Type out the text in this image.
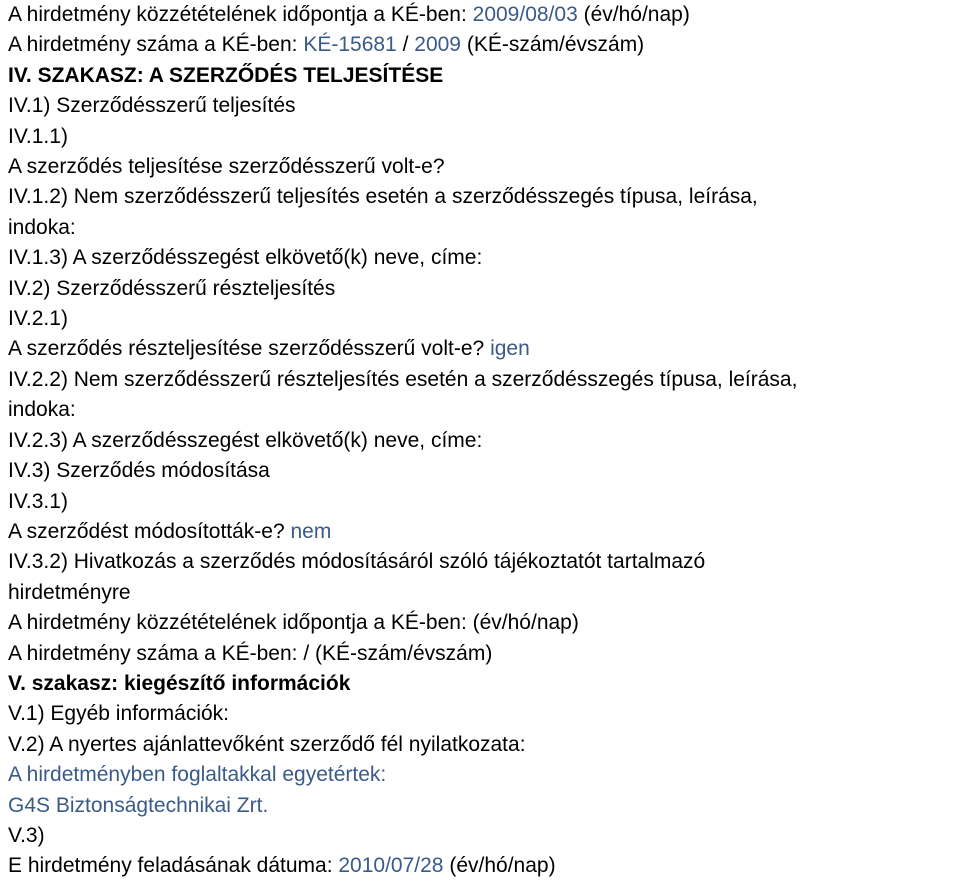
A hirdetmény közzétételének időpontja a KÉ-ben: 2009/08/03 (év/hó/nap)
A hirdetmény száma a KÉ-ben: KÉ-15681 / 2009 (KÉ-szám/évszám)
IV. SZAKASZ: A SZERZŐDÉS TELJESÍTÉSE
IV.1) Szerződésszerű teljesítés
IV.1.1)
A szerződés teljesítése szerződésszerű volt-e?
IV.1.2) Nem szerződésszerű teljesítés esetén a szerződésszegés típusa, leírása,
indoka:
IV.1.3) A szerződésszegést elkövető(k) neve, címe:
IV.2) Szerződésszerű részteljesítés
IV.2.1)
A szerződés részteljesítése szerződésszerű volt-e? igen
IV.2.2) Nem szerződésszerű részteljesítés esetén a szerződésszegés típusa, leírása,
indoka:
IV.2.3) A szerződésszegést elkövető(k) neve, címe:
IV.3) Szerződés módosítása
IV.3.1)
A szerződést módosították-e? nem
IV.3.2) Hivatkozás a szerződés módosításáról szóló tájékoztatót tartalmazó
hirdetményre
A hirdetmény közzétételének időpontja a KÉ-ben: (év/hó/nap)
A hirdetmény száma a KÉ-ben: / (KÉ-szám/évszám)
V. szakasz: kiegészítő információk
V.1) Egyéb információk:
V.2) A nyertes ajánlattevőként szerződő fél nyilatkozata:
A hirdetményben foglaltakkal egyetértek:
G4S Biztonságtechnikai Zrt.
V.3)
E hirdetmény feladásának dátuma: 2010/07/28 (év/hó/nap)
